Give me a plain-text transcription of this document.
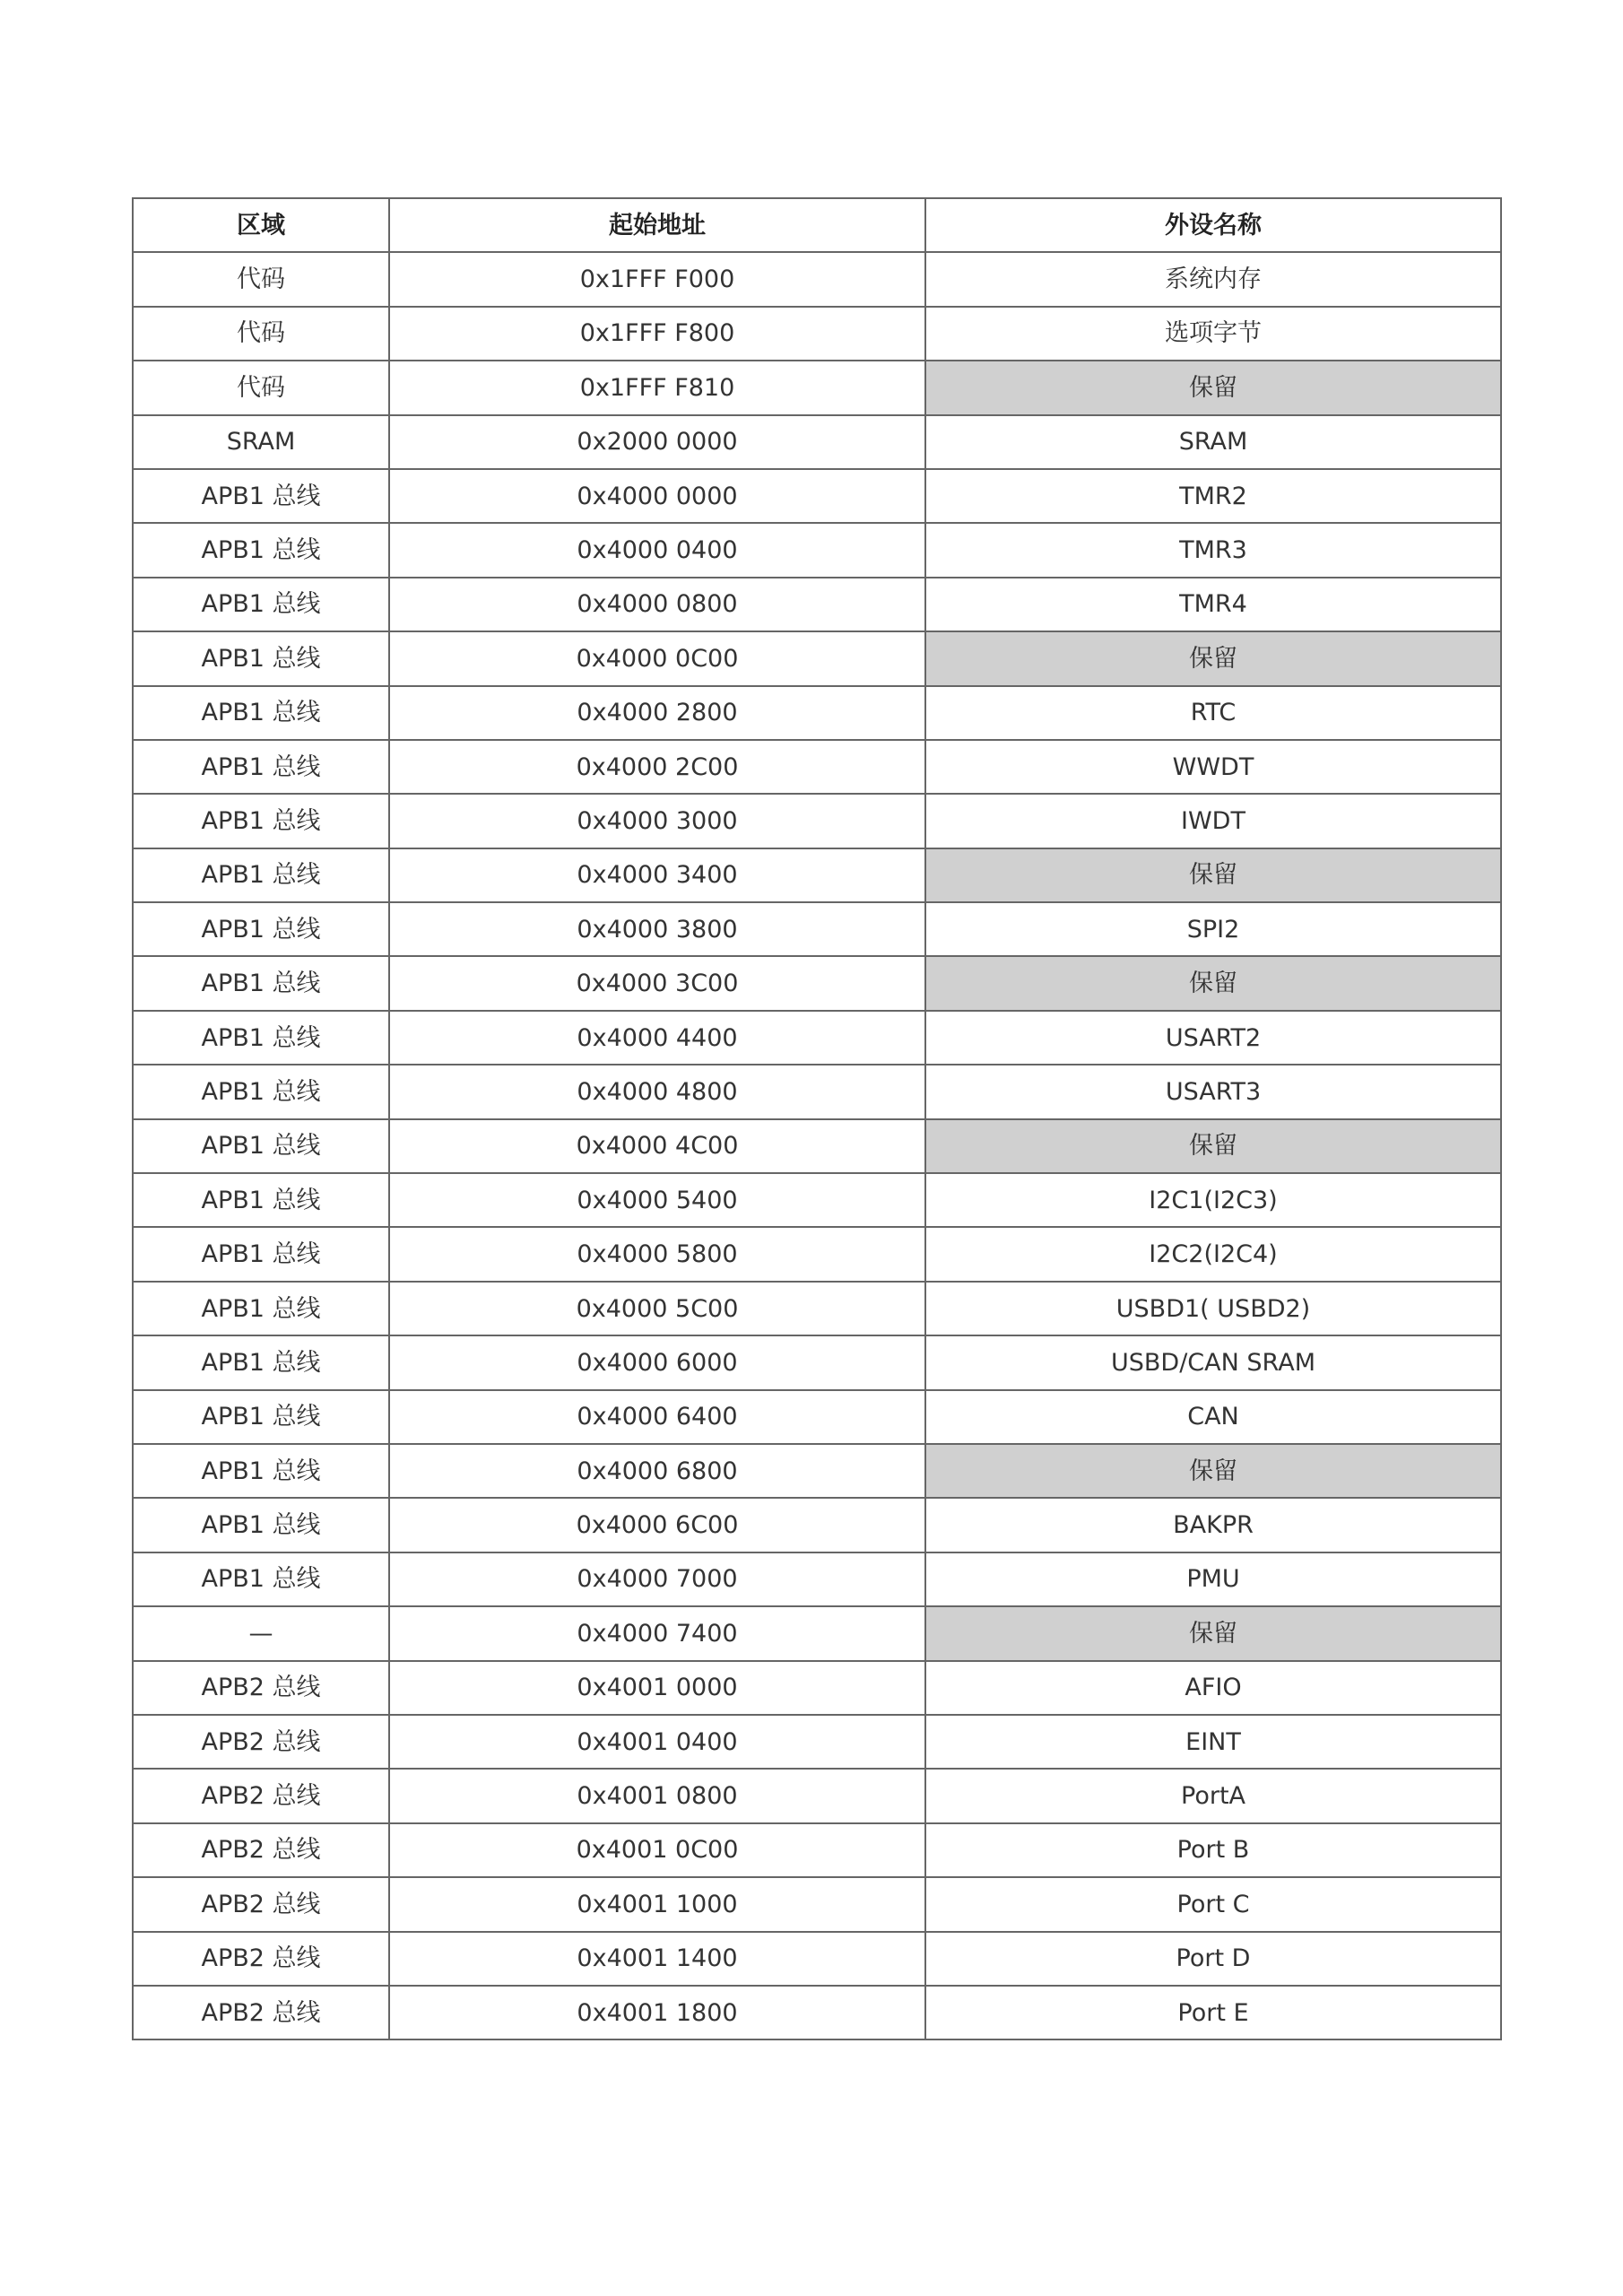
区域	起始地址	外设名称
代码	0x1FFF F000	系统内存
代码	0x1FFF F800	选项字节
代码	0x1FFF F810	保留
SRAM	0x2000 0000	SRAM
APB1 总线	0x4000 0000	TMR2
APB1 总线	0x4000 0400	TMR3
APB1 总线	0x4000 0800	TMR4
APB1 总线	0x4000 0C00	保留
APB1 总线	0x4000 2800	RTC
APB1 总线	0x4000 2C00	WWDT
APB1 总线	0x4000 3000	IWDT
APB1 总线	0x4000 3400	保留
APB1 总线	0x4000 3800	SPI2
APB1 总线	0x4000 3C00	保留
APB1 总线	0x4000 4400	USART2
APB1 总线	0x4000 4800	USART3
APB1 总线	0x4000 4C00	保留
APB1 总线	0x4000 5400	I2C1(I2C3)
APB1 总线	0x4000 5800	I2C2(I2C4)
APB1 总线	0x4000 5C00	USBD1( USBD2)
APB1 总线	0x4000 6000	USBD/CAN SRAM
APB1 总线	0x4000 6400	CAN
APB1 总线	0x4000 6800	保留
APB1 总线	0x4000 6C00	BAKPR
APB1 总线	0x4000 7000	PMU
—	0x4000 7400	保留
APB2 总线	0x4001 0000	AFIO
APB2 总线	0x4001 0400	EINT
APB2 总线	0x4001 0800	PortA
APB2 总线	0x4001 0C00	Port B
APB2 总线	0x4001 1000	Port C
APB2 总线	0x4001 1400	Port D
APB2 总线	0x4001 1800	Port E
